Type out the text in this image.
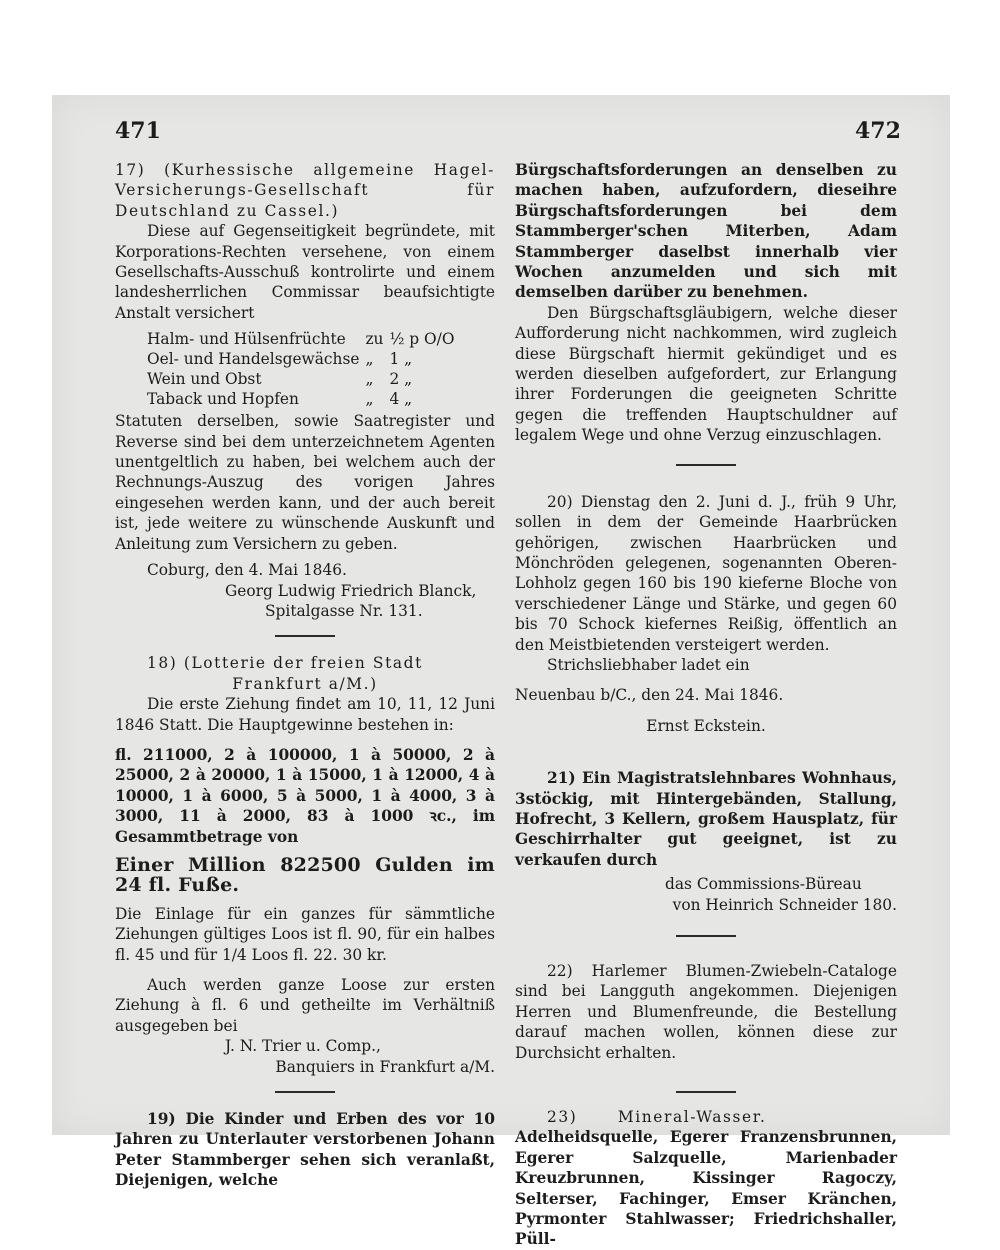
471	472

17) (Kurhessische allgemeine Hagel-Versicherungs-Gesellschaft für Deutschland zu Cassel.)

Diese auf Gegenseitigkeit begründete, mit Korporations-Rechten versehene, von einem Gesellschafts-Ausschuß kontrolirte und einem landesherrlichen Commissar beaufsichtigte Anstalt versichert

Halm- und Hülsenfrüchte	zu	½ p O/O
Oel- und Handelsgewächse	„	1 „
Wein und Obst	„	2 „
Taback und Hopfen	„	4 „

Statuten derselben, sowie Saatregister und Reverse sind bei dem unterzeichnetem Agenten unentgeltlich zu haben, bei welchem auch der Rechnungs-Auszug des vorigen Jahres eingesehen werden kann, und der auch bereit ist, jede weitere zu wünschende Auskunft und Anleitung zum Versichern zu geben.

Coburg, den 4. Mai 1846.

Georg Ludwig Friedrich Blanck,

Spitalgasse Nr. 131.

18) (Lotterie der freien Stadt

Frankfurt a/M.)

Die erste Ziehung findet am 10, 11, 12 Juni 1846 Statt. Die Hauptgewinne bestehen in:

fl. 211000, 2 à 100000, 1 à 50000, 2 à 25000, 2 à 20000, 1 à 15000, 1 à 12000, 4 à 10000, 1 à 6000, 5 à 5000, 1 à 4000, 3 à 3000, 11 à 2000, 83 à 1000 ꝛc., im Gesammtbetrage von

Einer Million 822500 Gulden im 24 fl. Fuße.

Die Einlage für ein ganzes für sämmtliche Ziehungen gültiges Loos ist fl. 90, für ein halbes fl. 45 und für 1/4 Loos fl. 22. 30 kr.

Auch werden ganze Loose zur ersten Ziehung à fl. 6 und getheilte im Verhältniß ausgegeben bei

J. N. Trier u. Comp.,

Banquiers in Frankfurt a/M.

19) Die Kinder und Erben des vor 10 Jahren zu Unterlauter verstorbenen Johann Peter Stammberger sehen sich veranlaßt, Diejenigen, welche

Bürgschaftsforderungen an denselben zu machen haben, aufzufordern, dieseihre Bürgschaftsforderungen bei dem Stammberger'schen Miterben, Adam Stammberger daselbst innerhalb vier Wochen anzumelden und sich mit demselben darüber zu benehmen.

Den Bürgschaftsgläubigern, welche dieser Aufforderung nicht nachkommen, wird zugleich diese Bürgschaft hiermit gekündiget und es werden dieselben aufgefordert, zur Erlangung ihrer Forderungen die geeigneten Schritte gegen die treffenden Hauptschuldner auf legalem Wege und ohne Verzug einzuschlagen.

20) Dienstag den 2. Juni d. J., früh 9 Uhr, sollen in dem der Gemeinde Haarbrücken gehörigen, zwischen Haarbrücken und Mönchröden gelegenen, sogenannten Oberen-Lohholz gegen 160 bis 190 kieferne Bloche von verschiedener Länge und Stärke, und gegen 60 bis 70 Schock kiefernes Reißig, öffentlich an den Meistbietenden versteigert werden.

Strichsliebhaber ladet ein

Neuenbau b/C., den 24. Mai 1846.

Ernst Eckstein.

21) Ein Magistratslehnbares Wohnhaus, 3stöckig, mit Hintergebänden, Stallung, Hofrecht, 3 Kellern, großem Hausplatz, für Geschirrhalter gut geeignet, ist zu verkaufen durch

das Commissions-Büreau

von Heinrich Schneider 180.

22) Harlemer Blumen-Zwiebeln-Cataloge sind bei Langguth angekommen. Diejenigen Herren und Blumenfreunde, die Bestellung darauf machen wollen, können diese zur Durchsicht erhalten.

23)	Mineral-Wasser.

Adelheidsquelle, Egerer Franzensbrunnen, Egerer Salzquelle, Marienbader Kreuzbrunnen, Kissinger Ragoczy, Selterser, Fachinger, Emser Kränchen, Pyrmonter Stahlwasser; Friedrichshaller, Püll-
